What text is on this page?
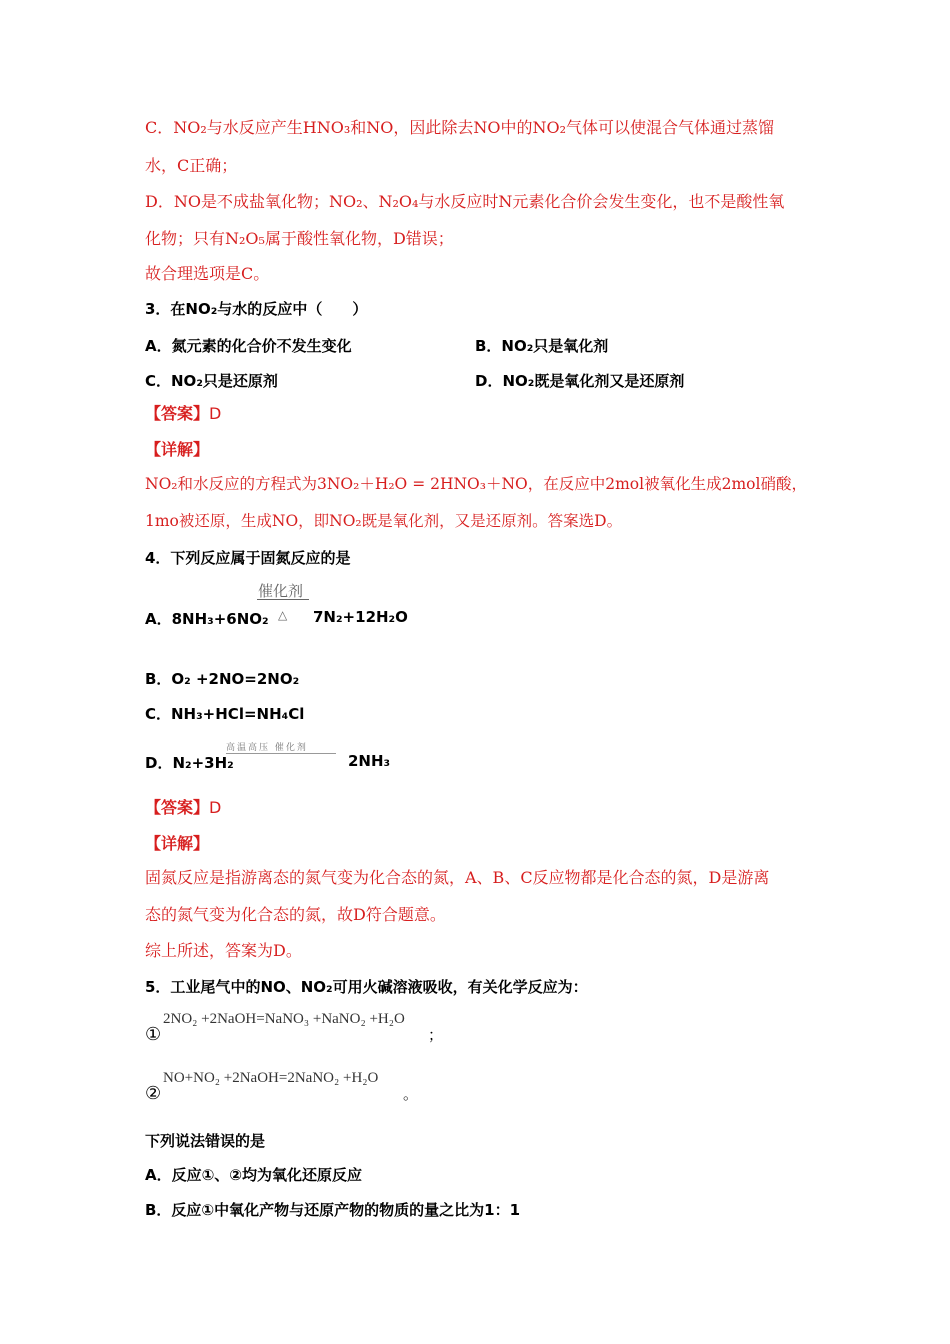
C．NO₂与水反应产生HNO₃和NO，因此除去NO中的NO₂气体可以使混合气体通过蒸馏
水，C正确；
D．NO是不成盐氧化物；NO₂、N₂O₄与水反应时N元素化合价会发生变化，也不是酸性氧
化物；只有N₂O₅属于酸性氧化物，D错误；
故合理选项是C。
3．在NO₂与水的反应中（　　）
A．氮元素的化合价不发生变化	B．NO₂只是氧化剂
C．NO₂只是还原剂	D．NO₂既是氧化剂又是还原剂
【答案】D
【详解】
NO₂和水反应的方程式为3NO₂＋H₂O = 2HNO₃＋NO，在反应中2mol被氧化生成2mol硝酸，
1mo被还原，生成NO，即NO₂既是氧化剂，又是还原剂。答案选D。
4．下列反应属于固氮反应的是
催化剂
△
A．8NH₃+6NO₂	7N₂+12H₂O
B．O₂ +2NO=2NO₂
C．NH₃+HCl=NH₄Cl
D．N₂+3H₂
高温高压 催化剂
2NH₃
【答案】D
【详解】
固氮反应是指游离态的氮气变为化合态的氮，A、B、C反应物都是化合态的氮，D是游离
态的氮气变为化合态的氮，故D符合题意。
综上所述，答案为D。
5．工业尾气中的NO、NO₂可用火碱溶液吸收，有关化学反应为：
①
2NO₂ +2NaOH=NaNO₃ +NaNO₂ +H₂O
；
②
NO+NO₂ +2NaOH=2NaNO₂ +H₂O
。
下列说法错误的是
A．反应①、②均为氧化还原反应
B．反应①中氧化产物与还原产物的物质的量之比为1：1
